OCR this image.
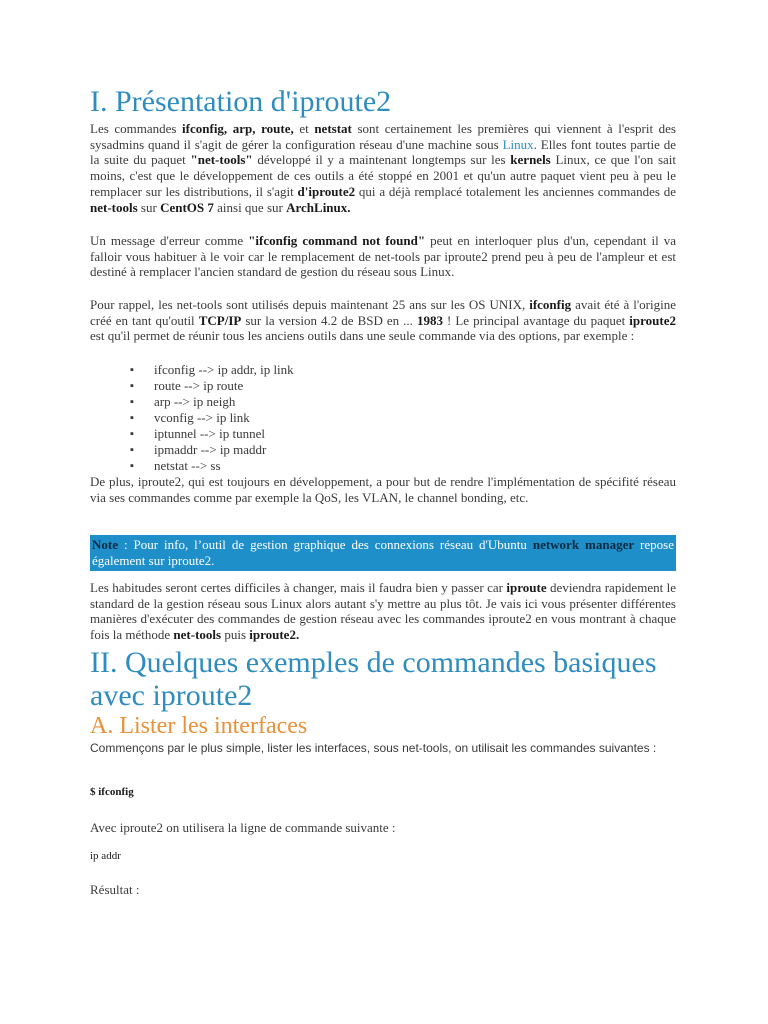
I. Présentation d'iproute2

Les commandes ifconfig, arp, route, et netstat sont certainement les premières qui viennent à l'esprit des sysadmins quand il s'agit de gérer la configuration réseau d'une machine sous Linux. Elles font toutes partie de la suite du paquet "net-tools" développé il y a maintenant longtemps sur les kernels Linux, ce que l'on sait moins, c'est que le développement de ces outils a été stoppé en 2001 et qu'un autre paquet vient peu à peu le remplacer sur les distributions, il s'agit d'iproute2 qui a déjà remplacé totalement les anciennes commandes de net-tools sur CentOS 7 ainsi que sur ArchLinux.

Un message d'erreur comme "ifconfig command not found" peut en interloquer plus d'un, cependant il va falloir vous habituer à le voir car le remplacement de net-tools par iproute2 prend peu à peu de l'ampleur et est destiné à remplacer l'ancien standard de gestion du réseau sous Linux.

Pour rappel, les net-tools sont utilisés depuis maintenant 25 ans sur les OS UNIX, ifconfig avait été à l'origine créé en tant qu'outil TCP/IP sur la version 4.2 de BSD en ... 1983 ! Le principal avantage du paquet iproute2 est qu'il permet de réunir tous les anciens outils dans une seule commande via des options, par exemple :

▪ ifconfig --> ip addr, ip link
▪ route --> ip route
▪ arp --> ip neigh
▪ vconfig --> ip link
▪ iptunnel --> ip tunnel
▪ ipmaddr --> ip maddr
▪ netstat --> ss

De plus, iproute2, qui est toujours en développement, a pour but de rendre l'implémentation de spécifité réseau via ses commandes comme par exemple la QoS, les VLAN, le channel bonding, etc.

Note : Pour info, l’outil de gestion graphique des connexions réseau d'Ubuntu network manager repose également sur iproute2.

Les habitudes seront certes difficiles à changer, mais il faudra bien y passer car iproute deviendra rapidement le standard de la gestion réseau sous Linux alors autant s'y mettre au plus tôt. Je vais ici vous présenter différentes manières d'exécuter des commandes de gestion réseau avec les commandes iproute2 en vous montrant à chaque fois la méthode net-tools puis iproute2.

II. Quelques exemples de commandes basiques avec iproute2
A. Lister les interfaces

Commençons par le plus simple, lister les interfaces, sous net-tools, on utilisait les commandes suivantes :

$ ifconfig

Avec iproute2 on utilisera la ligne de commande suivante :

ip addr

Résultat :
